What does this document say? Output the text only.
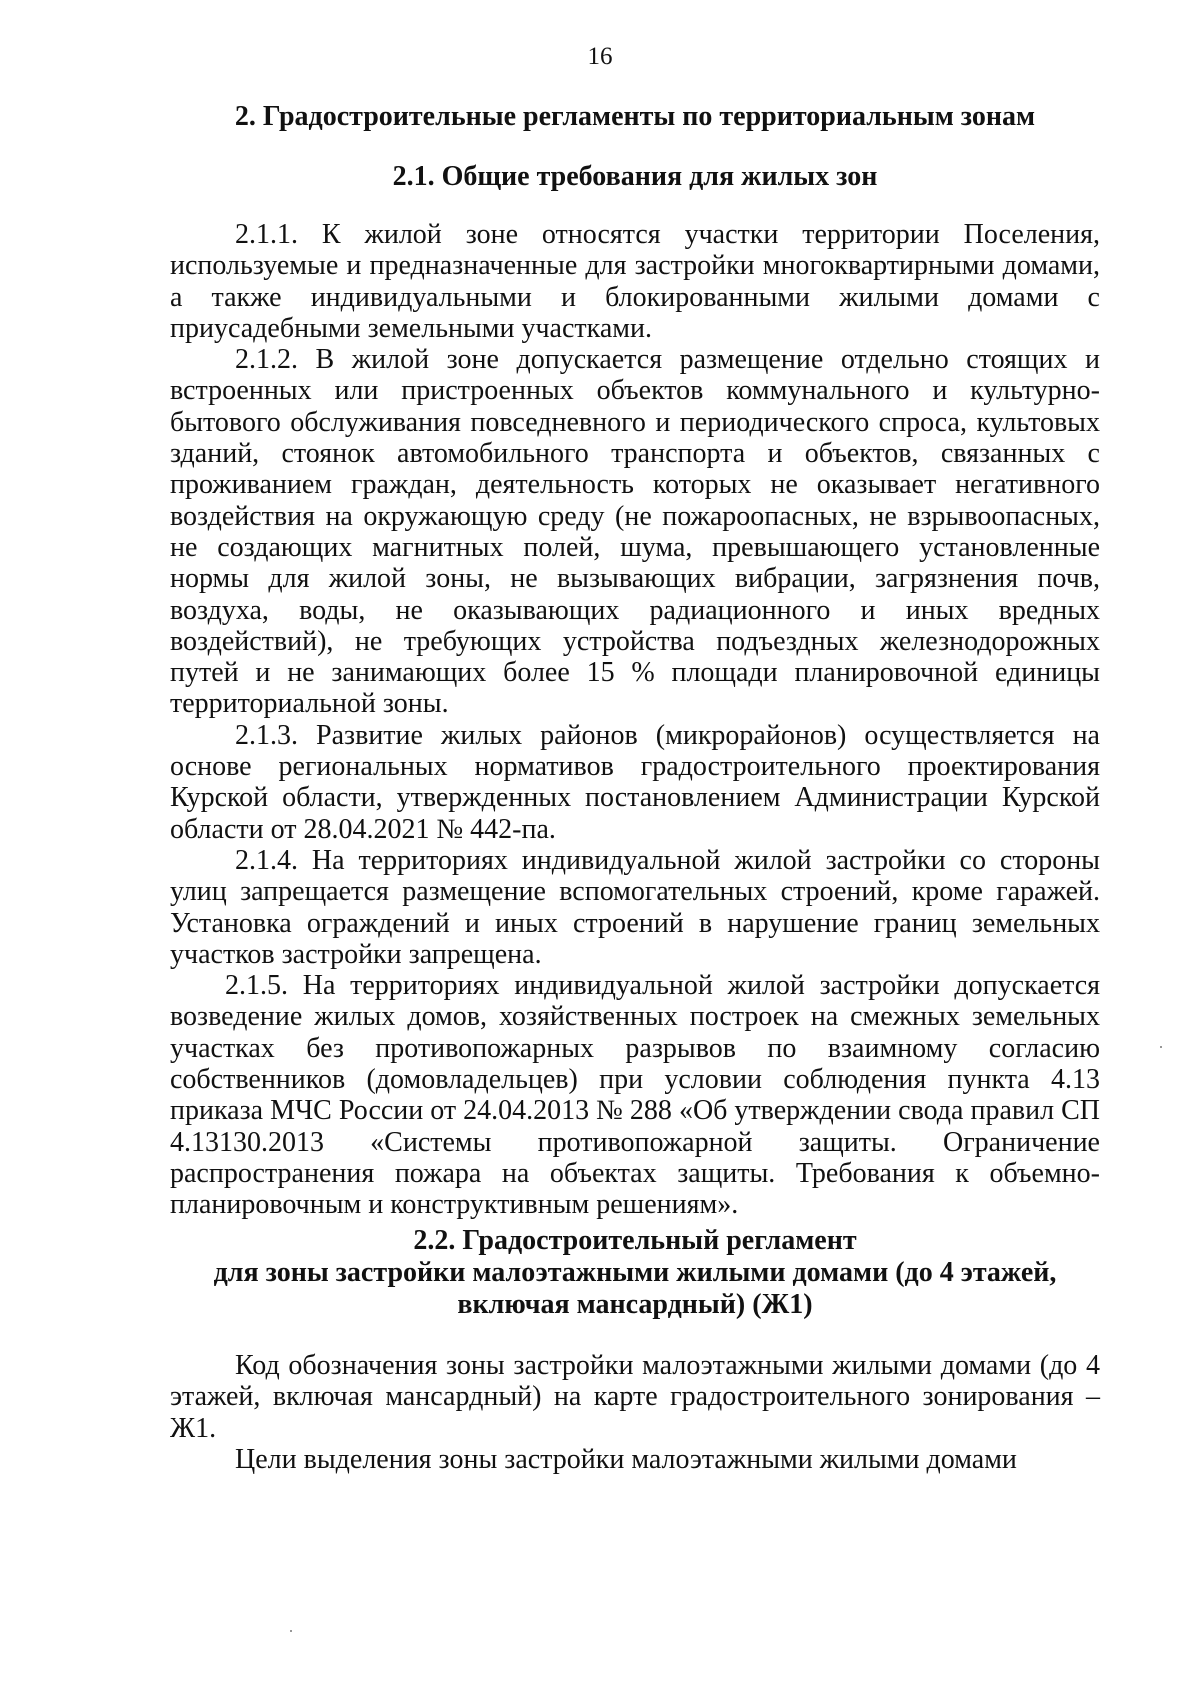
16
2. Градостроительные регламенты по территориальным зонам
2.1. Общие требования для жилых зон

2.1.1. К жилой зоне относятся участки территории Поселения, используемые и предназначенные для застройки многоквартирными домами, а также индивидуальными и блокированными жилыми домами с приусадебными земельными участками.

2.1.2. В жилой зоне допускается размещение отдельно стоящих и встроенных или пристроенных объектов коммунального и культурно-бытового обслуживания повседневного и периодического спроса, культовых зданий, стоянок автомобильного транспорта и объектов, связанных с проживанием граждан, деятельность которых не оказывает негативного воздействия на окружающую среду (не пожароопасных, не взрывоопасных, не создающих магнитных полей, шума, превышающего установленные нормы для жилой зоны, не вызывающих вибрации, загрязнения почв, воздуха, воды, не оказывающих радиационного и иных вредных воздействий), не требующих устройства подъездных железнодорожных путей и не занимающих более 15 % площади планировочной единицы территориальной зоны.

2.1.3. Развитие жилых районов (микрорайонов) осуществляется на основе региональных нормативов градостроительного проектирования Курской области, утвержденных постановлением Администрации Курской области от 28.04.2021 № 442-па.

2.1.4. На территориях индивидуальной жилой застройки со стороны улиц запрещается размещение вспомогательных строений, кроме гаражей. Установка ограждений и иных строений в нарушение границ земельных участков застройки запрещена.

2.1.5. На территориях индивидуальной жилой застройки допускается возведение жилых домов, хозяйственных построек на смежных земельных участках без противопожарных разрывов по взаимному согласию собственников (домовладельцев) при условии соблюдения пункта 4.13 приказа МЧС России от 24.04.2013 № 288 «Об утверждении свода правил СП 4.13130.2013 «Системы противопожарной защиты. Ограничение распространения пожара на объектах защиты. Требования к объемно-планировочным и конструктивным решениям».

2.2. Градостроительный регламент
для зоны застройки малоэтажными жилыми домами (до 4 этажей,
включая мансардный) (Ж1)

Код обозначения зоны застройки малоэтажными жилыми домами (до 4 этажей, включая мансардный) на карте градостроительного зонирования – Ж1.

Цели выделения зоны застройки малоэтажными жилыми домами
